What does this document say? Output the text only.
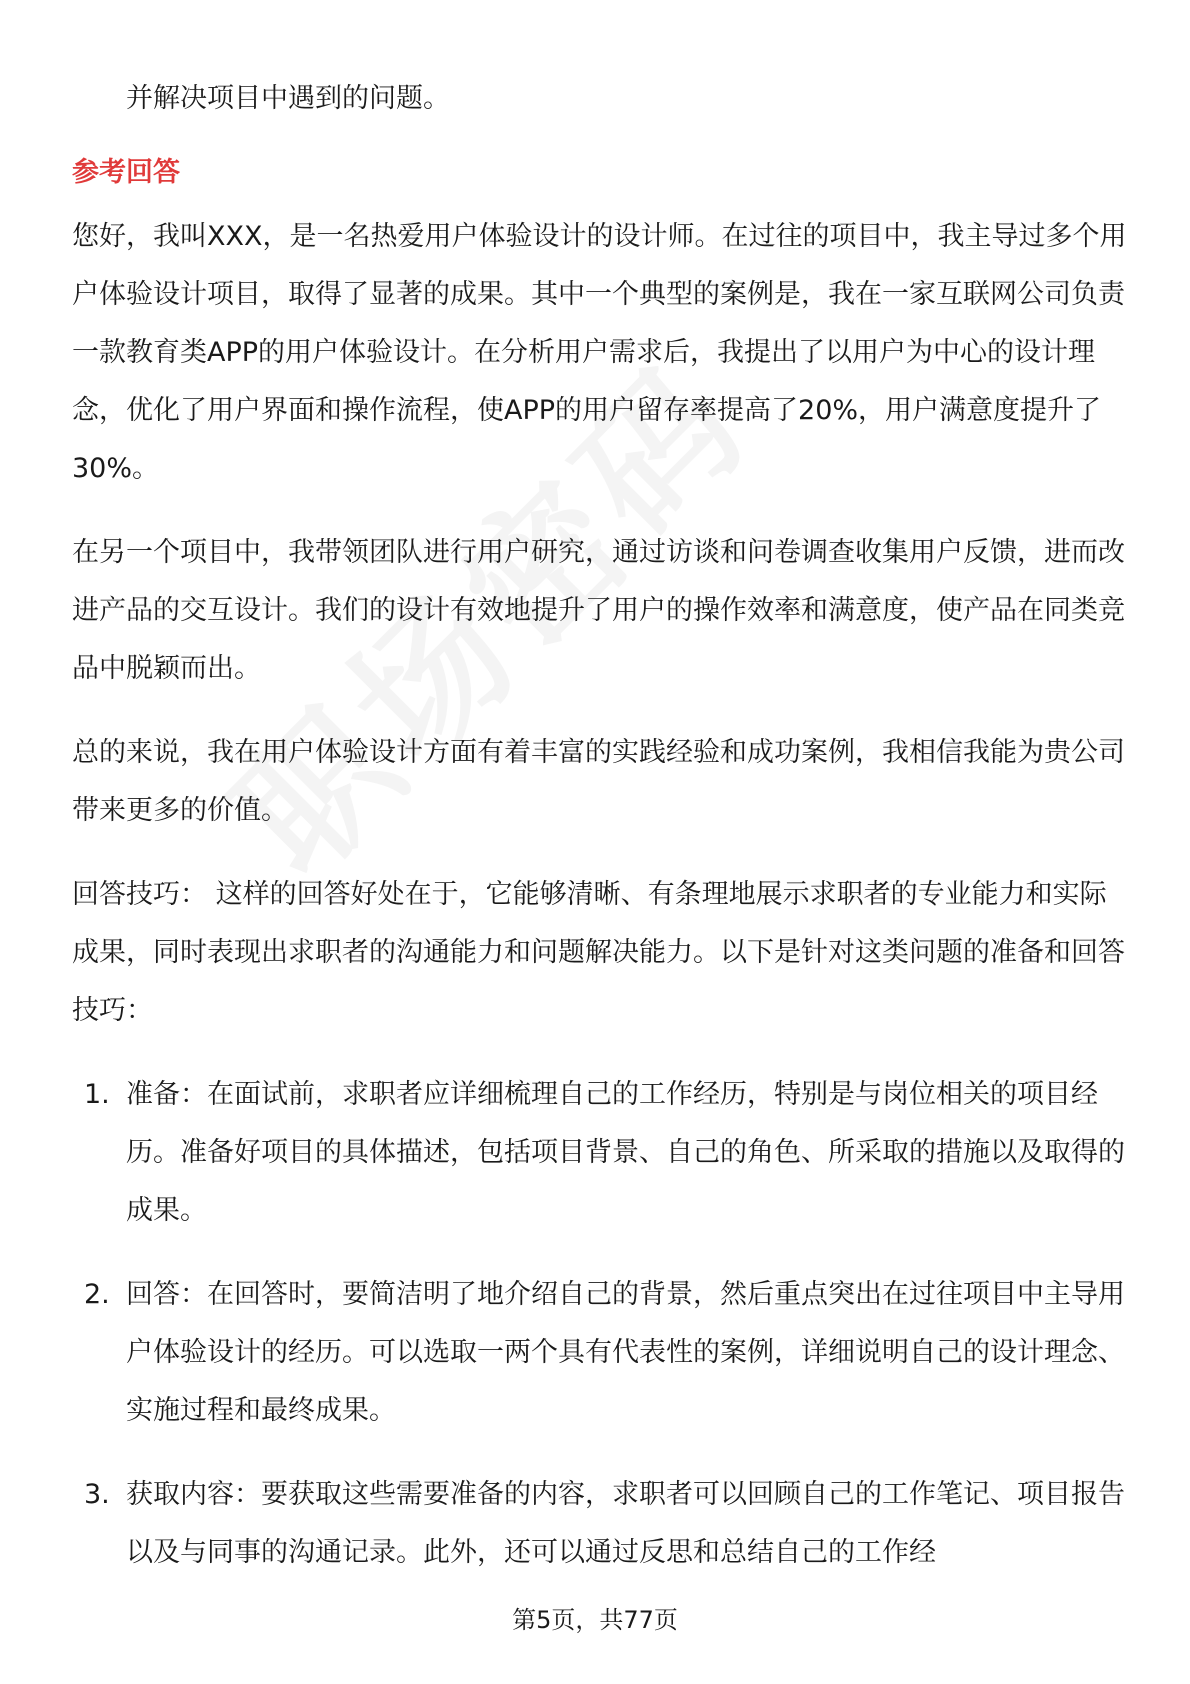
并解决项目中遇到的问题。

参考回答

您好，我叫XXX，是一名热爱用户体验设计的设计师。在过往的项目中，我主导过多个用户体验设计项目，取得了显著的成果。其中一个典型的案例是，我在一家互联网公司负责一款教育类APP的用户体验设计。在分析用户需求后，我提出了以用户为中心的设计理念，优化了用户界面和操作流程，使APP的用户留存率提高了20%，用户满意度提升了30%。

在另一个项目中，我带领团队进行用户研究，通过访谈和问卷调查收集用户反馈，进而改进产品的交互设计。我们的设计有效地提升了用户的操作效率和满意度，使产品在同类竞品中脱颖而出。

总的来说，我在用户体验设计方面有着丰富的实践经验和成功案例，我相信我能为贵公司带来更多的价值。

回答技巧： 这样的回答好处在于，它能够清晰、有条理地展示求职者的专业能力和实际成果，同时表现出求职者的沟通能力和问题解决能力。以下是针对这类问题的准备和回答技巧：

1. 准备：在面试前，求职者应详细梳理自己的工作经历，特别是与岗位相关的项目经历。准备好项目的具体描述，包括项目背景、自己的角色、所采取的措施以及取得的成果。
2. 回答：在回答时，要简洁明了地介绍自己的背景，然后重点突出在过往项目中主导用户体验设计的经历。可以选取一两个具有代表性的案例，详细说明自己的设计理念、实施过程和最终成果。
3. 获取内容：要获取这些需要准备的内容，求职者可以回顾自己的工作笔记、项目报告以及与同事的沟通记录。此外，还可以通过反思和总结自己的工作经
第5页，共77页
